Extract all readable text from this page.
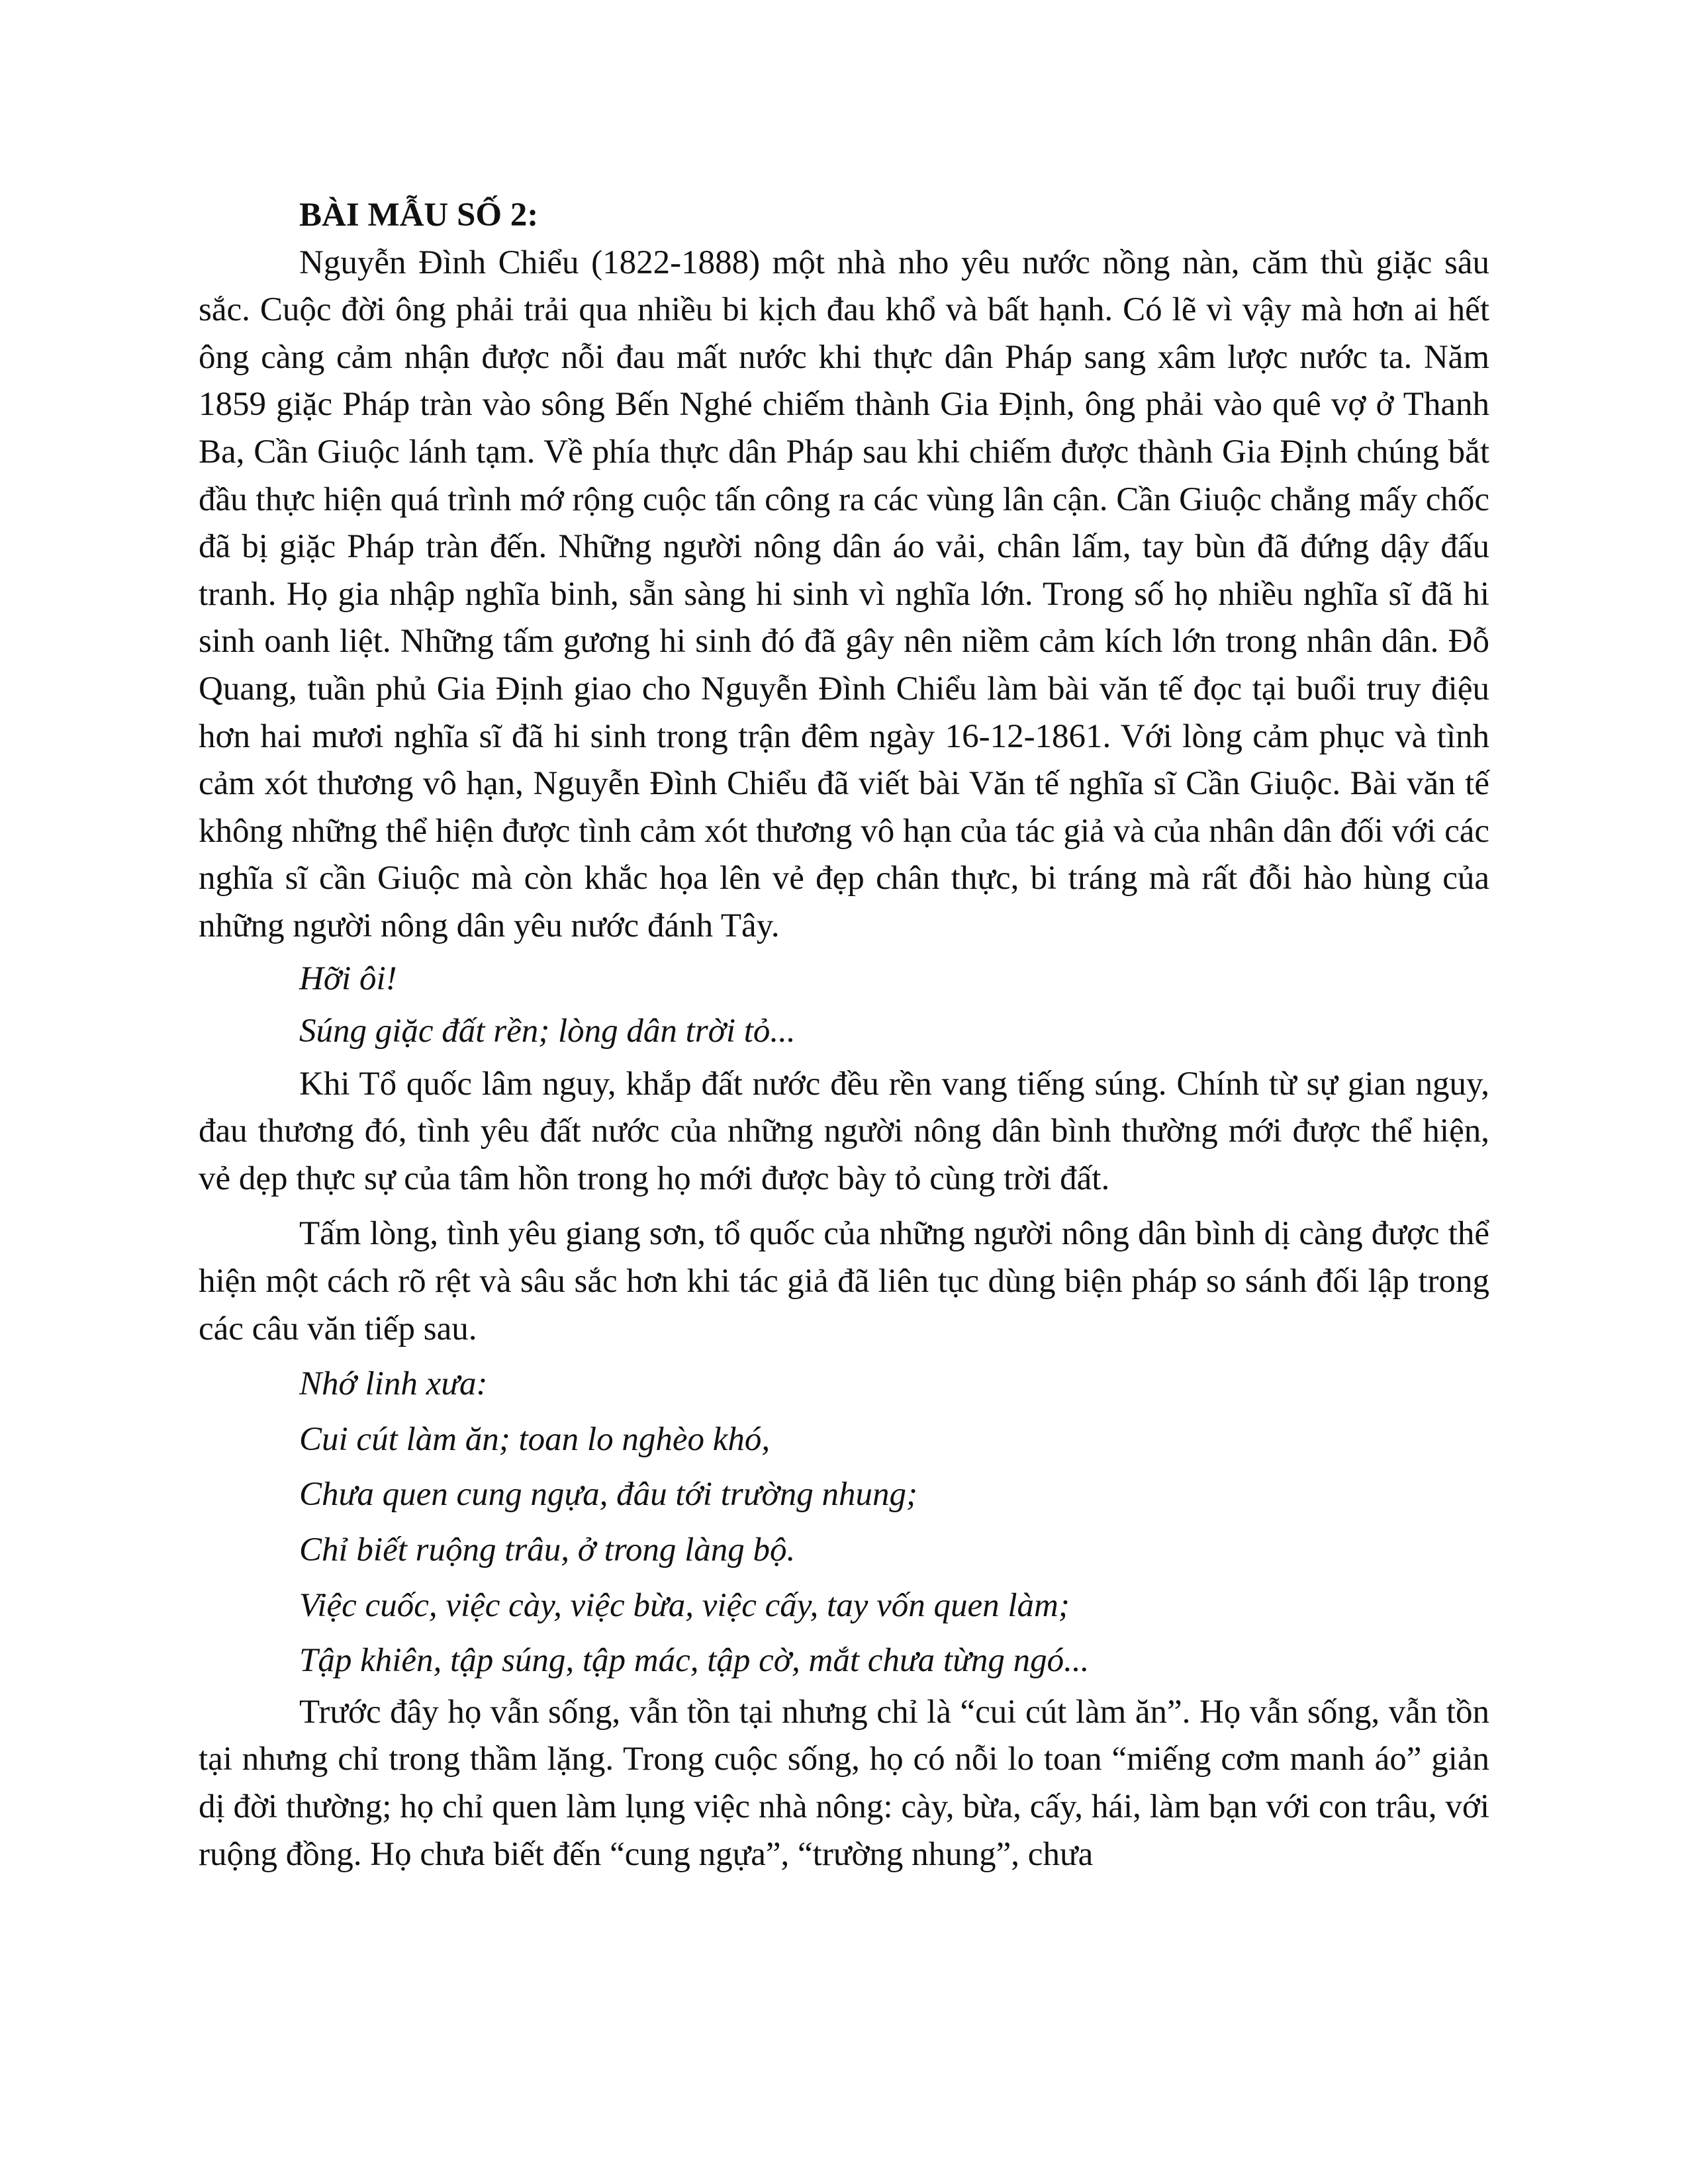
BÀI MẪU SỐ 2:

Nguyễn Đình Chiểu (1822-1888) một nhà nho yêu nước nồng nàn, căm thù giặc sâu sắc. Cuộc đời ông phải trải qua nhiều bi kịch đau khổ và bất hạnh. Có lẽ vì vậy mà hơn ai hết ông càng cảm nhận được nỗi đau mất nước khi thực dân Pháp sang xâm lược nước ta. Năm 1859 giặc Pháp tràn vào sông Bến Nghé chiếm thành Gia Định, ông phải vào quê vợ ở Thanh Ba, Cần Giuộc lánh tạm. Về phía thực dân Pháp sau khi chiếm được thành Gia Định chúng bắt đầu thực hiện quá trình mớ rộng cuộc tấn công ra các vùng lân cận. Cần Giuộc chẳng mấy chốc đã bị giặc Pháp tràn đến. Những người nông dân áo vải, chân lấm, tay bùn đã đứng dậy đấu tranh. Họ gia nhập nghĩa binh, sẵn sàng hi sinh vì nghĩa lớn. Trong số họ nhiều nghĩa sĩ đã hi sinh oanh liệt. Những tấm gương hi sinh đó đã gây nên niềm cảm kích lớn trong nhân dân. Đỗ Quang, tuần phủ Gia Định giao cho Nguyễn Đình Chiểu làm bài văn tế đọc tại buổi truy điệu hơn hai mươi nghĩa sĩ đã hi sinh trong trận đêm ngày 16-12-1861. Với lòng cảm phục và tình cảm xót thương vô hạn, Nguyễn Đình Chiểu đã viết bài Văn tế nghĩa sĩ Cần Giuộc. Bài văn tế không những thể hiện được tình cảm xót thương vô hạn của tác giả và của nhân dân đối với các nghĩa sĩ cần Giuộc mà còn khắc họa lên vẻ đẹp chân thực, bi tráng mà rất đỗi hào hùng của những người nông dân yêu nước đánh Tây.

Hỡi ôi!
Súng giặc đất rền; lòng dân trời tỏ...

Khi Tổ quốc lâm nguy, khắp đất nước đều rền vang tiếng súng. Chính từ sự gian nguy, đau thương đó, tình yêu đất nước của những người nông dân bình thường mới được thể hiện, vẻ dẹp thực sự của tâm hồn trong họ mới được bày tỏ cùng trời đất.

Tấm lòng, tình yêu giang sơn, tổ quốc của những người nông dân bình dị càng được thể hiện một cách rõ rệt và sâu sắc hơn khi tác giả đã liên tục dùng biện pháp so sánh đối lập trong các câu văn tiếp sau.

Nhớ linh xưa:
Cui cút làm ăn; toan lo nghèo khó,
Chưa quen cung ngựa, đâu tới trường nhung;
Chỉ biết ruộng trâu, ở trong làng bộ.
Việc cuốc, việc cày, việc bừa, việc cấy, tay vốn quen làm;
Tập khiên, tập súng, tập mác, tập cờ, mắt chưa từng ngó...

Trước đây họ vẫn sống, vẫn tồn tại nhưng chỉ là “cui cút làm ăn”. Họ vẫn sống, vẫn tồn tại nhưng chỉ trong thầm lặng. Trong cuộc sống, họ có nỗi lo toan “miếng cơm manh áo” giản dị đời thường; họ chỉ quen làm lụng việc nhà nông: cày, bừa, cấy, hái, làm bạn với con trâu, với ruộng đồng. Họ chưa biết đến “cung ngựa”, “trường nhung”, chưa
